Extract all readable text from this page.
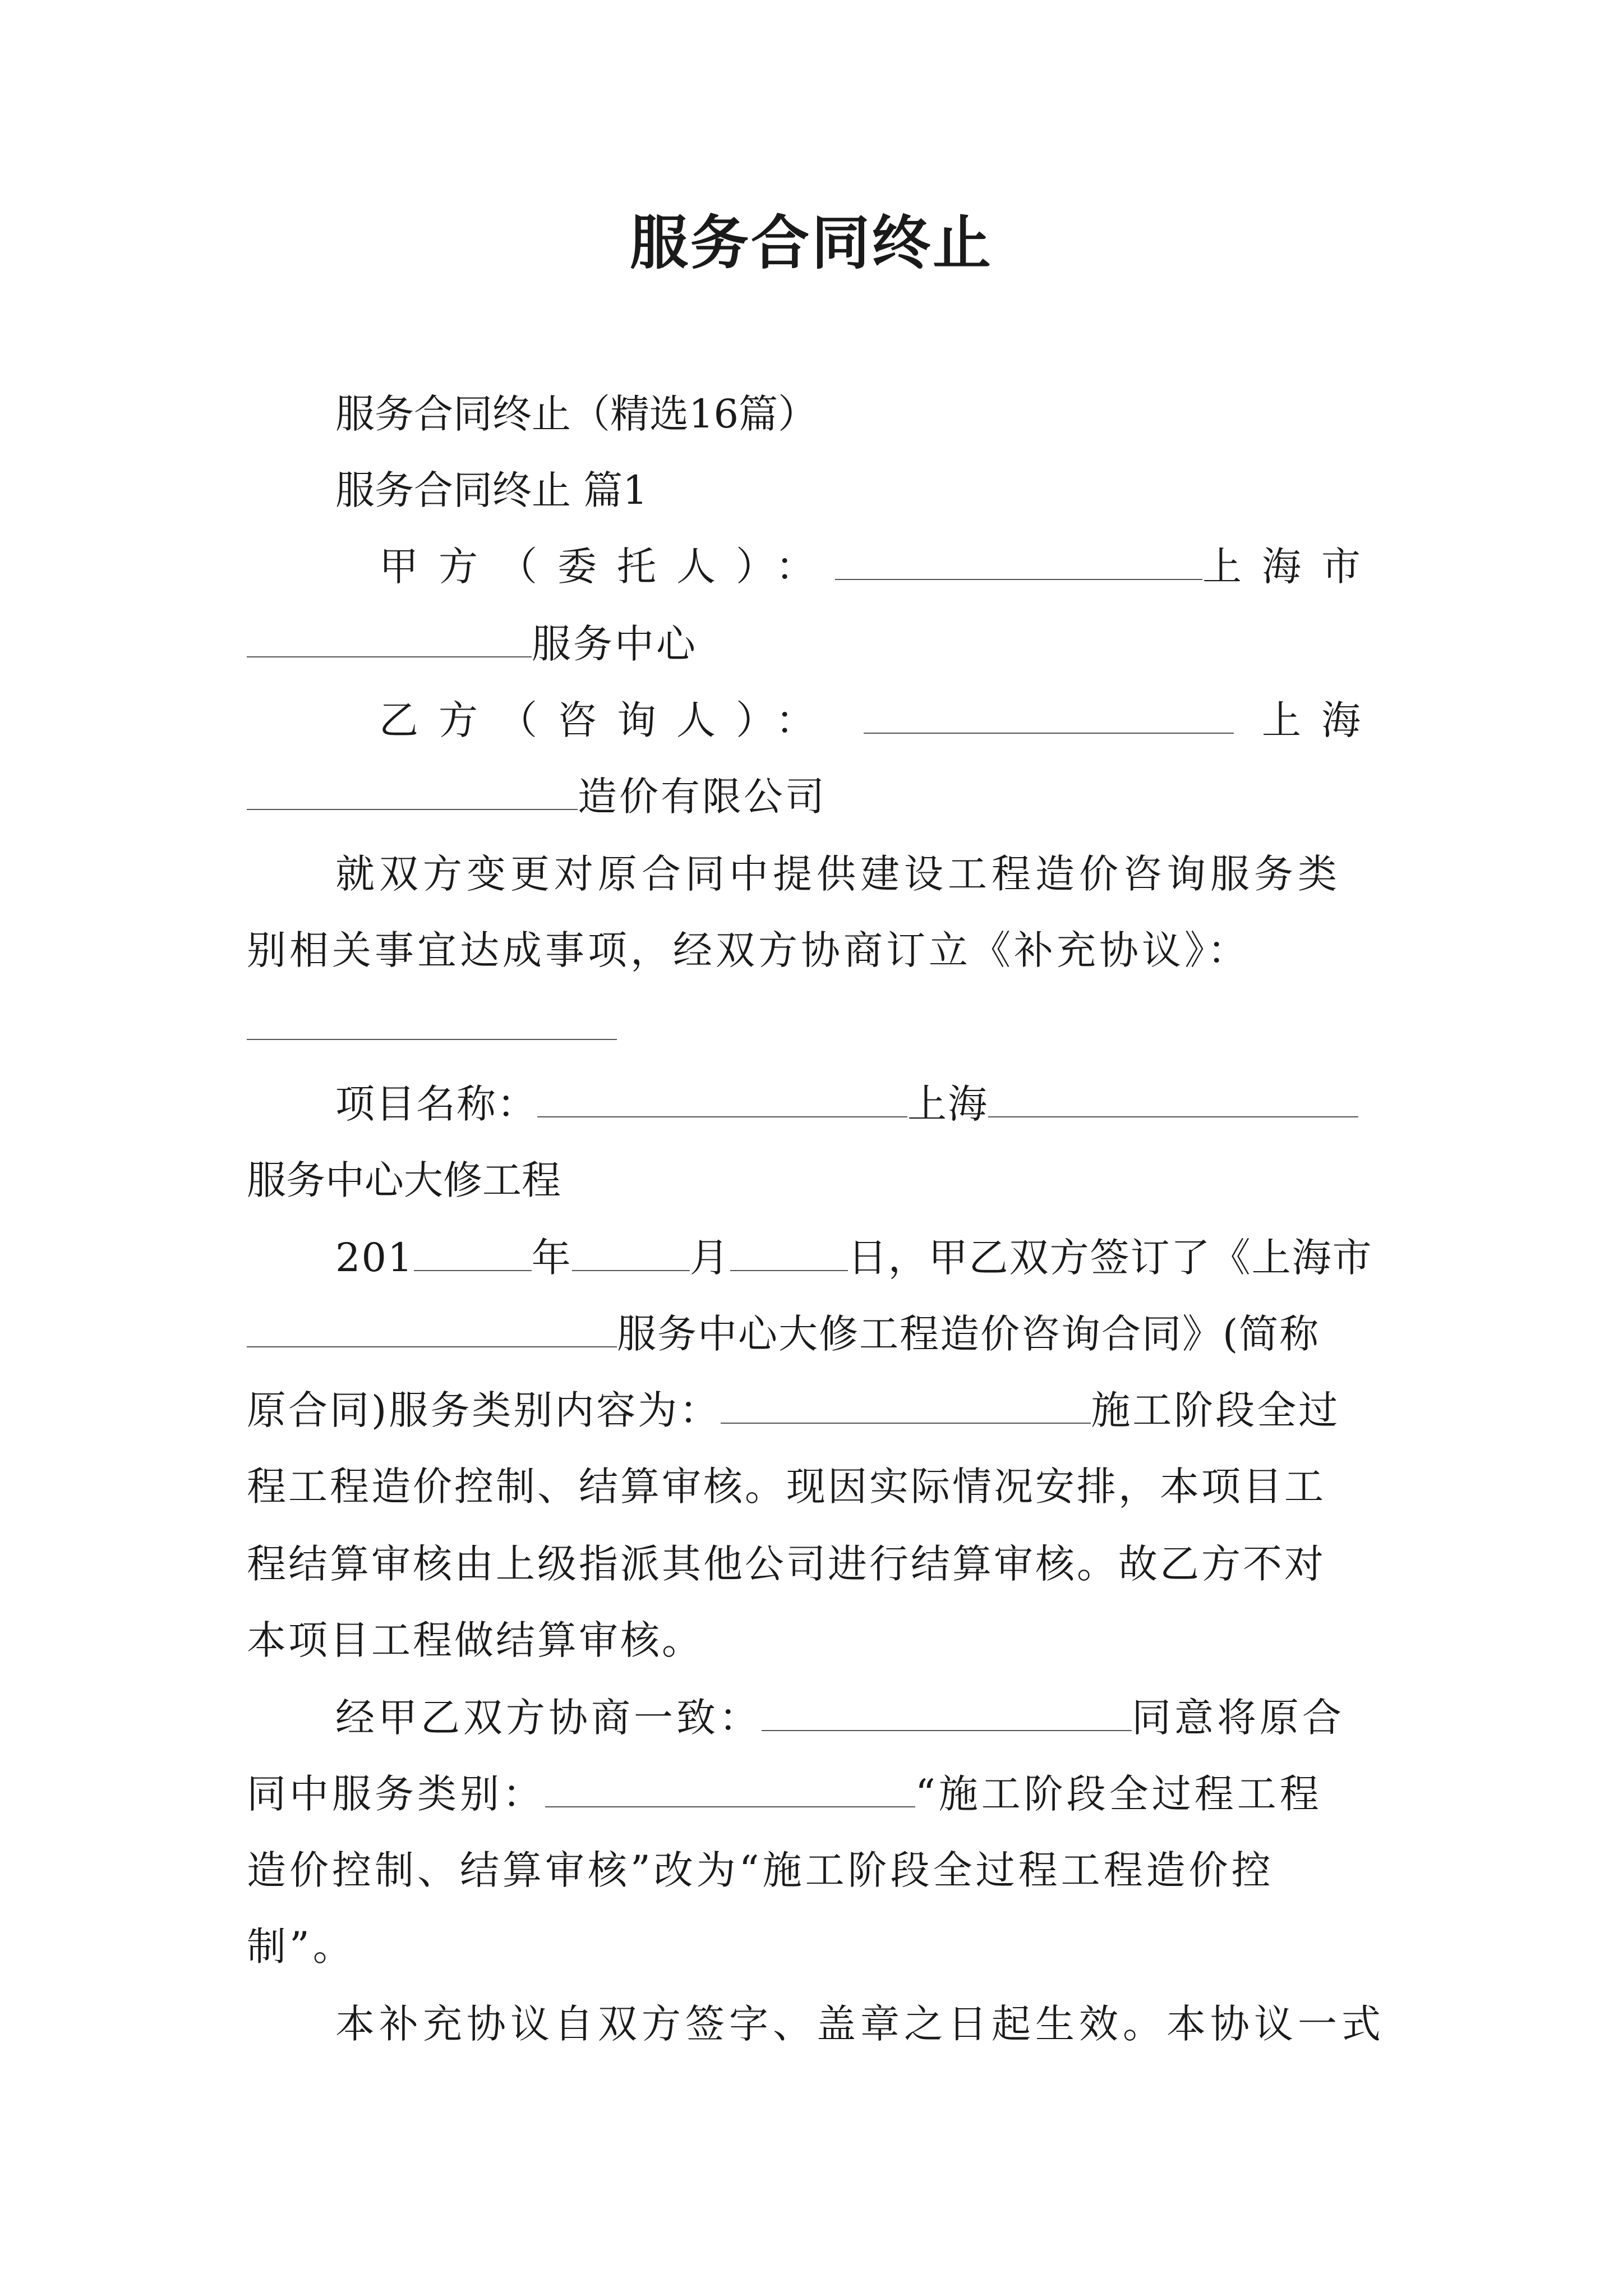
服务合同终止
服务合同终止（精选16篇）
服务合同终止 篇1
甲方（委托人）：	上海市
服务中心
乙方（咨询人）：	上海
造价有限公司
就双方变更对原合同中提供建设工程造价咨询服务类
别相关事宜达成事项，经双方协商订立《补充协议》：
项目名称：	上海
服务中心大修工程
201	年	月	日，甲乙双方签订了《上海市
服务中心大修工程造价咨询合同》(简称
原合同)服务类别内容为：	施工阶段全过
程工程造价控制、结算审核。现因实际情况安排，本项目工
程结算审核由上级指派其他公司进行结算审核。故乙方不对
本项目工程做结算审核。
经甲乙双方协商一致：	同意将原合
同中服务类别：	“施工阶段全过程工程
造价控制、结算审核”改为“施工阶段全过程工程造价控
制”。
本补充协议自双方签字、盖章之日起生效。本协议一式
